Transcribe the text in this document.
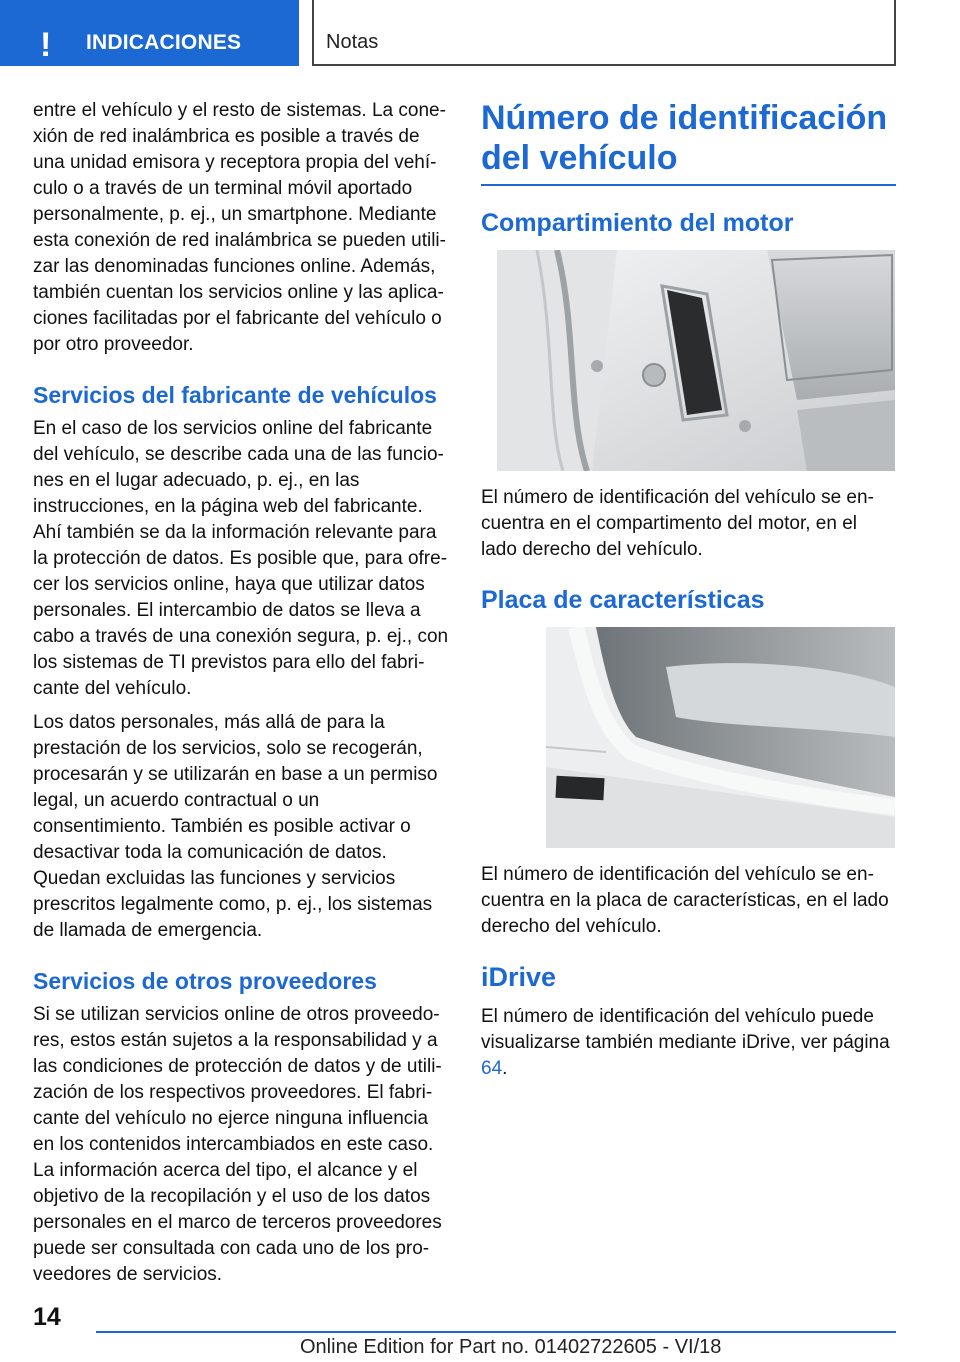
! INDICACIONES	Notas

entre el vehículo y el resto de sistemas. La conexión de red inalámbrica es posible a través de una unidad emisora y receptora propia del vehículo o a través de un terminal móvil aportado personalmente, p. ej., un smartphone. Mediante esta conexión de red inalámbrica se pueden utilizar las denominadas funciones online. Además, también cuentan los servicios online y las aplicaciones facilitadas por el fabricante del vehículo o por otro proveedor.

Servicios del fabricante de vehículos

En el caso de los servicios online del fabricante del vehículo, se describe cada una de las funciones en el lugar adecuado, p. ej., en las instrucciones, en la página web del fabricante. Ahí también se da la información relevante para la protección de datos. Es posible que, para ofrecer los servicios online, haya que utilizar datos personales. El intercambio de datos se lleva a cabo a través de una conexión segura, p. ej., con los sistemas de TI previstos para ello del fabricante del vehículo.

Los datos personales, más allá de para la prestación de los servicios, solo se recogerán, procesarán y se utilizarán en base a un permiso legal, un acuerdo contractual o un consentimiento. También es posible activar o desactivar toda la comunicación de datos. Quedan excluidas las funciones y servicios prescritos legalmente como, p. ej., los sistemas de llamada de emergencia.

Servicios de otros proveedores

Si se utilizan servicios online de otros proveedores, estos están sujetos a la responsabilidad y a las condiciones de protección de datos y de utilización de los respectivos proveedores. El fabricante del vehículo no ejerce ninguna influencia en los contenidos intercambiados en este caso. La información acerca del tipo, el alcance y el objetivo de la recopilación y el uso de los datos personales en el marco de terceros proveedores puede ser consultada con cada uno de los proveedores de servicios.

Número de identificación del vehículo
Compartimiento del motor

El número de identificación del vehículo se encuentra en el compartimento del motor, en el lado derecho del vehículo.

Placa de características

El número de identificación del vehículo se encuentra en la placa de características, en el lado derecho del vehículo.

iDrive

El número de identificación del vehículo puede visualizarse también mediante iDrive, ver página 64.

14
Online Edition for Part no. 01402722605 - VI/18
